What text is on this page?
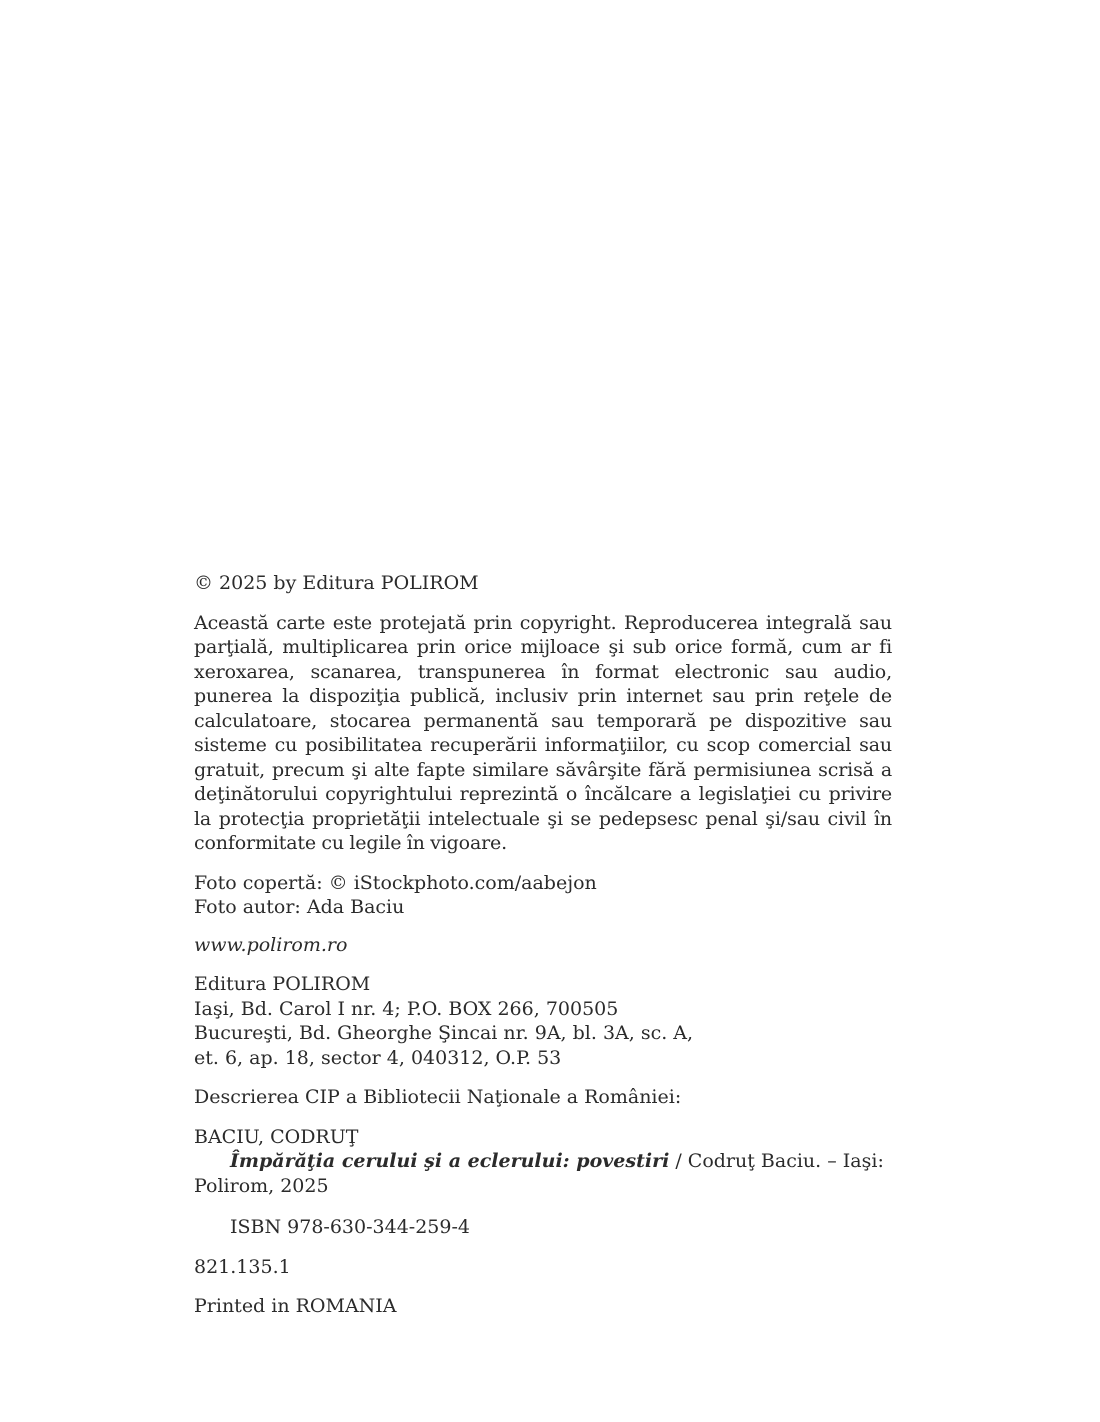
© 2025 by Editura POLIROM

Această carte este protejată prin copyright. Reproducerea integrală sau parţială, multiplicarea prin orice mijloace şi sub orice formă, cum ar fi xeroxarea, scanarea, transpunerea în format electronic sau audio, punerea la dispoziţia publică, inclusiv prin internet sau prin reţele de calculatoare, stocarea permanentă sau temporară pe dispozitive sau sisteme cu posibilitatea recuperării informaţiilor, cu scop comercial sau gratuit, precum şi alte fapte similare săvârşite fără permisiunea scrisă a deţinătorului copyrightului reprezintă o încălcare a legislaţiei cu privire la protecţia proprietăţii intelectuale şi se pedepsesc penal şi/sau civil în conformitate cu legile în vigoare.

Foto copertă: © iStockphoto.com/aabejon

Foto autor: Ada Baciu

www.polirom.ro

Editura POLIROM

Iaşi, Bd. Carol I nr. 4; P.O. BOX 266, 700505

Bucureşti, Bd. Gheorghe Şincai nr. 9A, bl. 3A, sc. A,

et. 6, ap. 18, sector 4, 040312, O.P. 53

Descrierea CIP a Bibliotecii Naţionale a României:

BACIU, CODRUŢ

Împărăţia cerului şi a eclerului: povestiri / Codruţ Baciu. – Iaşi: Polirom, 2025

ISBN 978-630-344-259-4

821.135.1

Printed in ROMANIA
